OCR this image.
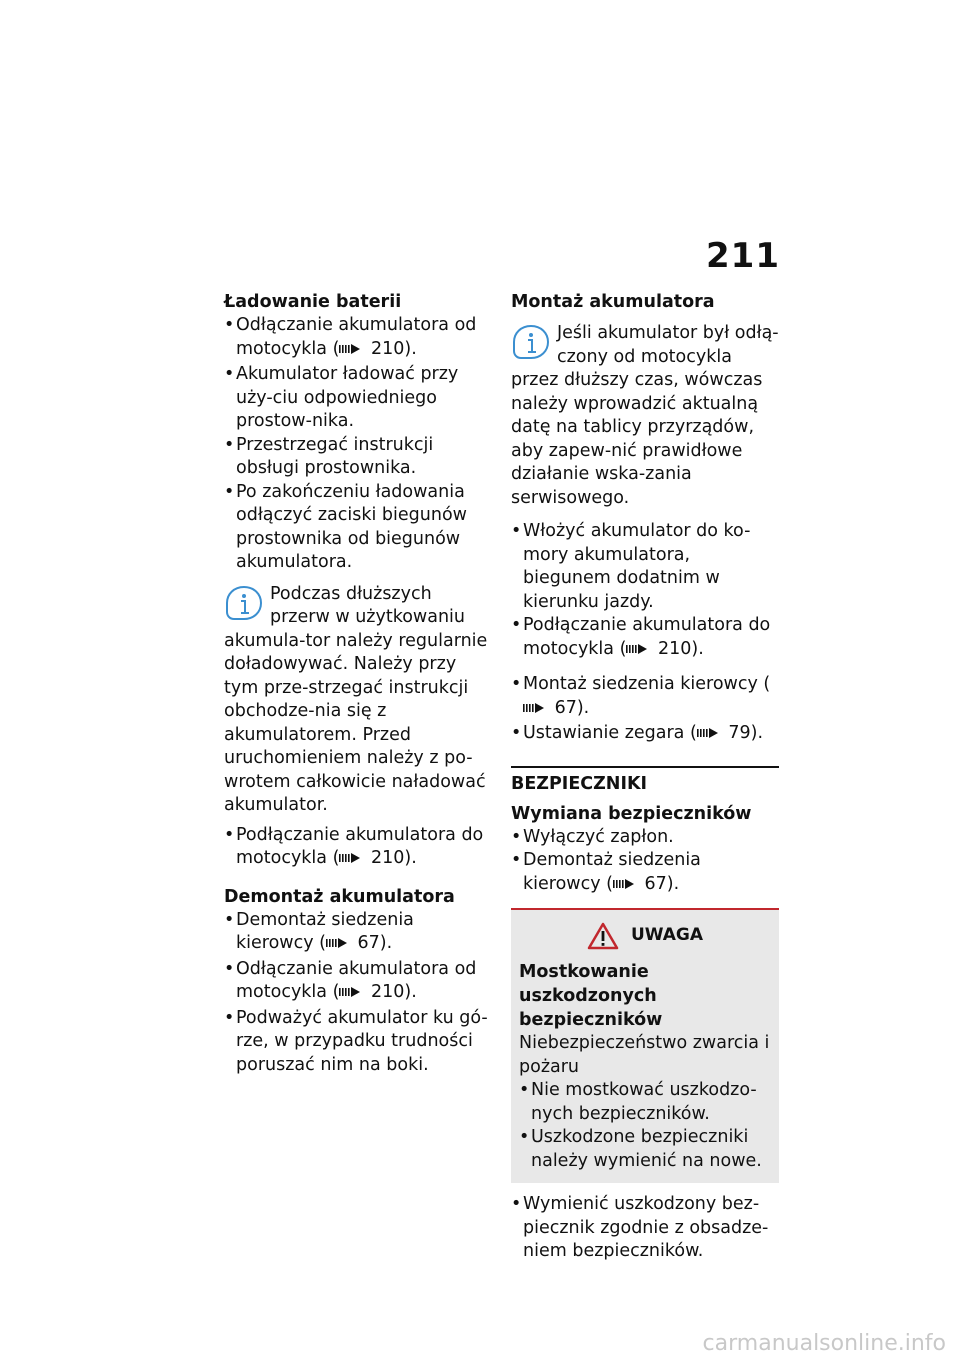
211
Ładowanie baterii
• Odłączanie akumulatora od motocykla ( 210).
• Akumulator ładować przy uży-ciu odpowiedniego prostow-nika.
• Przestrzegać instrukcji obsługi prostownika.
• Po zakończeniu ładowania odłączyć zaciski biegunów prostownika od biegunów akumulatora.

Podczas dłuższych przerw w użytkowaniu akumula-tor należy regularnie doładowywać. Należy przy tym prze-strzegać instrukcji obchodze-nia się z akumulatorem. Przed uruchomieniem należy z po-wrotem całkowicie naładować akumulator.

• Podłączanie akumulatora do motocykla ( 210).
Demontaż akumulatora
• Demontaż siedzenia kierowcy ( 67).
• Odłączanie akumulatora od motocykla ( 210).
• Podważyć akumulator ku gó-rze, w przypadku trudności poruszać nim na boki.
Montaż akumulatora

Jeśli akumulator był odłą-czony od motocykla przez dłuższy czas, wówczas należy wprowadzić aktualną datę na tablicy przyrządów, aby zapew-nić prawidłowe działanie wska-zania serwisowego.

• Włożyć akumulator do ko-mory akumulatora, biegunem dodatnim w kierunku jazdy.
• Podłączanie akumulatora do motocykla ( 210).
• Montaż siedzenia kierowcy ( 67).
• Ustawianie zegara ( 79).
BEZPIECZNIKI
Wymiana bezpieczników
• Wyłączyć zapłon.
• Demontaż siedzenia kierowcy ( 67).
UWAGA
Mostkowanie uszkodzonych bezpieczników

Niebezpieczeństwo zwarcia i pożaru

• Nie mostkować uszkodzo-nych bezpieczników.
• Uszkodzone bezpieczniki należy wymienić na nowe.
• Wymienić uszkodzony bez-piecznik zgodnie z obsadze-niem bezpieczników.
carmanualsonline.info
